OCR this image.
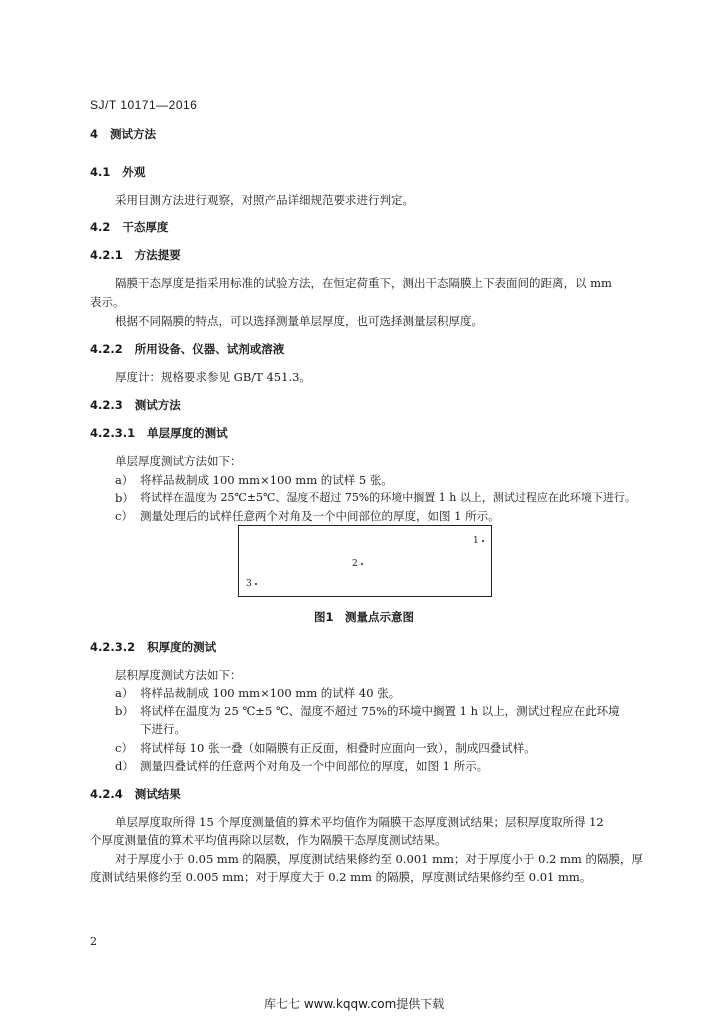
SJ/T 10171—2016
4 测试方法
4.1 外观
采用目测方法进行观察，对照产品详细规范要求进行判定。
4.2 干态厚度
4.2.1 方法提要
隔膜干态厚度是指采用标准的试验方法，在恒定荷重下，测出干态隔膜上下表面间的距离，以 mm
表示。
根据不同隔膜的特点，可以选择测量单层厚度，也可选择测量层积厚度。
4.2.2 所用设备、仪器、试剂或溶液
厚度计：规格要求参见 GB/T 451.3。
4.2.3 测试方法
4.2.3.1 单层厚度的测试
单层厚度测试方法如下：
a） 将样品裁制成 100 mm×100 mm 的试样 5 张。
b） 将试样在温度为 25℃±5℃、湿度不超过 75%的环境中搁置 1 h 以上，测试过程应在此环境下进行。
c） 测量处理后的试样任意两个对角及一个中间部位的厚度，如图 1 所示。
1
2
3
图1　测量点示意图
4.2.3.2 积厚度的测试
层积厚度测试方法如下：
a） 将样品裁制成 100 mm×100 mm 的试样 40 张。
b） 将试样在温度为 25 ℃±5 ℃、湿度不超过 75%的环境中搁置 1 h 以上，测试过程应在此环境
下进行。
c） 将试样每 10 张一叠（如隔膜有正反面，相叠时应面向一致），制成四叠试样。
d） 测量四叠试样的任意两个对角及一个中间部位的厚度，如图 1 所示。
4.2.4 测试结果
单层厚度取所得 15 个厚度测量值的算术平均值作为隔膜干态厚度测试结果；层积厚度取所得 12
个厚度测量值的算术平均值再除以层数，作为隔膜干态厚度测试结果。
对于厚度小于 0.05 mm 的隔膜，厚度测试结果修约至 0.001 mm；对于厚度小于 0.2 mm 的隔膜，厚
度测试结果修约至 0.005 mm；对于厚度大于 0.2 mm 的隔膜，厚度测试结果修约至 0.01 mm。
2
库七七 www.kqqw.com提供下载
